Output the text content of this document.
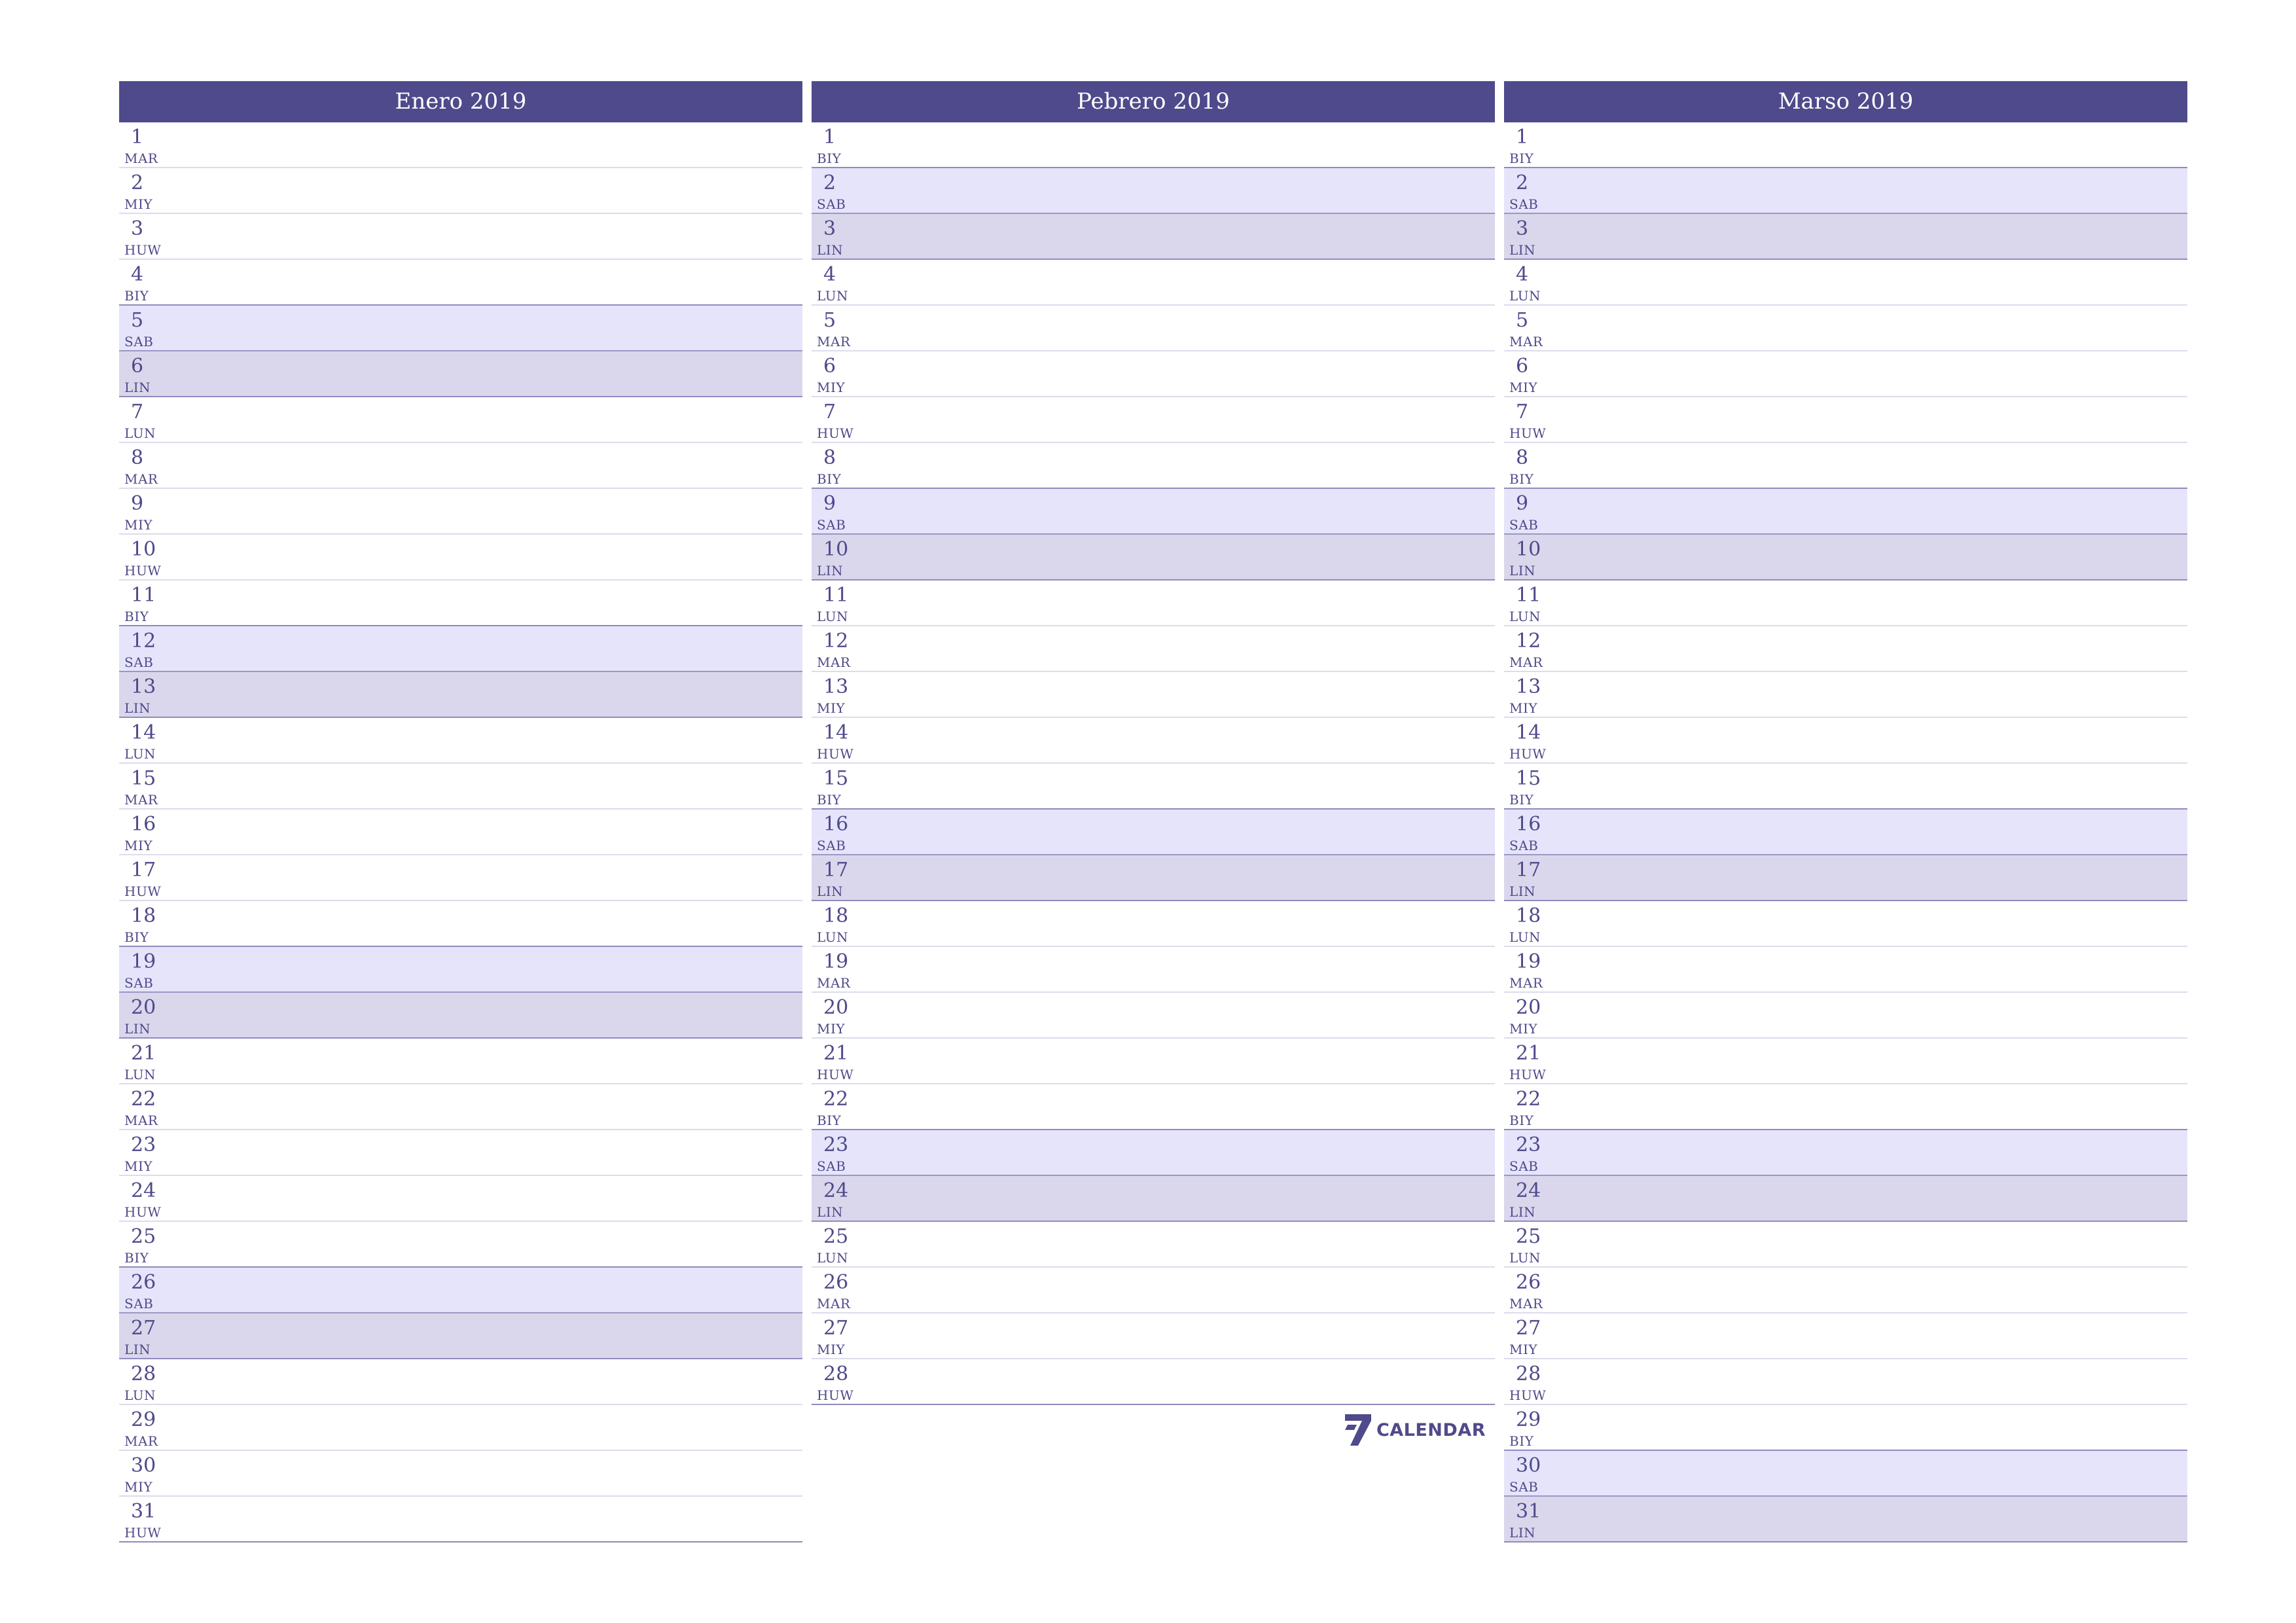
Enero 2019
1
MAR
2
MIY
3
HUW
4
BIY
5
SAB
6
LIN
7
LUN
8
MAR
9
MIY
10
HUW
11
BIY
12
SAB
13
LIN
14
LUN
15
MAR
16
MIY
17
HUW
18
BIY
19
SAB
20
LIN
21
LUN
22
MAR
23
MIY
24
HUW
25
BIY
26
SAB
27
LIN
28
LUN
29
MAR
30
MIY
31
HUW
Pebrero 2019
1
BIY
2
SAB
3
LIN
4
LUN
5
MAR
6
MIY
7
HUW
8
BIY
9
SAB
10
LIN
11
LUN
12
MAR
13
MIY
14
HUW
15
BIY
16
SAB
17
LIN
18
LUN
19
MAR
20
MIY
21
HUW
22
BIY
23
SAB
24
LIN
25
LUN
26
MAR
27
MIY
28
HUW
CALENDAR
Marso 2019
1
BIY
2
SAB
3
LIN
4
LUN
5
MAR
6
MIY
7
HUW
8
BIY
9
SAB
10
LIN
11
LUN
12
MAR
13
MIY
14
HUW
15
BIY
16
SAB
17
LIN
18
LUN
19
MAR
20
MIY
21
HUW
22
BIY
23
SAB
24
LIN
25
LUN
26
MAR
27
MIY
28
HUW
29
BIY
30
SAB
31
LIN
